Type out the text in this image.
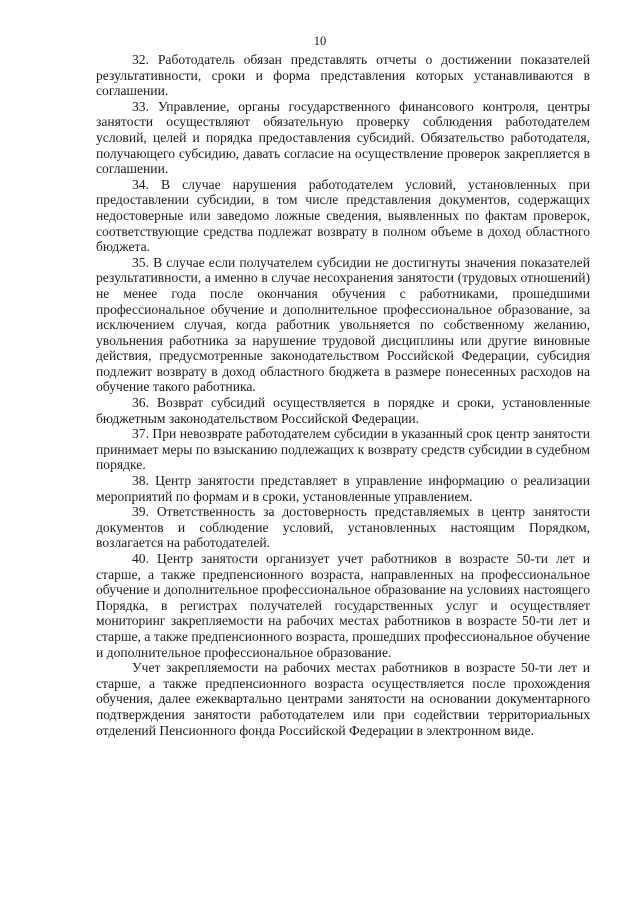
10

32. Работодатель обязан представлять отчеты о достижении показателей результативности, сроки и форма представления которых устанавливаются в соглашении.

33. Управление, органы государственного финансового контроля, центры занятости осуществляют обязательную проверку соблюдения работодателем условий, целей и порядка предоставления субсидий. Обязательство работодателя, получающего субсидию, давать согласие на осуществление проверок закрепляется в соглашении.

34. В случае нарушения работодателем условий, установленных при предоставлении субсидии, в том числе представления документов, содержащих недостоверные или заведомо ложные сведения, выявленных по фактам проверок, соответствующие средства подлежат возврату в полном объеме в доход областного бюджета.

35. В случае если получателем субсидии не достигнуты значения показателей результативности, а именно в случае несохранения занятости (трудовых отношений) не менее года после окончания обучения с работниками, прошедшими профессиональное обучение и дополнительное профессиональное образование, за исключением случая, когда работник увольняется по собственному желанию, увольнения работника за нарушение трудовой дисциплины или другие виновные действия, предусмотренные законодательством Российской Федерации, субсидия подлежит возврату в доход областного бюджета в размере понесенных расходов на обучение такого работника.

36. Возврат субсидий осуществляется в порядке и сроки, установленные бюджетным законодательством Российской Федерации.

37. При невозврате работодателем субсидии в указанный срок центр занятости принимает меры по взысканию подлежащих к возврату средств субсидии в судебном порядке.

38. Центр занятости представляет в управление информацию о реализации мероприятий по формам и в сроки, установленные управлением.

39. Ответственность за достоверность представляемых в центр занятости документов и соблюдение условий, установленных настоящим Порядком, возлагается на работодателей.

40. Центр занятости организует учет работников в возрасте 50-ти лет и старше, а также предпенсионного возраста, направленных на профессиональное обучение и дополнительное профессиональное образование на условиях настоящего Порядка, в регистрах получателей государственных услуг и осуществляет мониторинг закрепляемости на рабочих местах работников в возрасте 50-ти лет и старше, а также предпенсионного возраста, прошедших профессиональное обучение и дополнительное профессиональное образование.

Учет закрепляемости на рабочих местах работников в возрасте 50-ти лет и старше, а также предпенсионного возраста осуществляется после прохождения обучения, далее ежеквартально центрами занятости на основании документарного подтверждения занятости работодателем или при содействии территориальных отделений Пенсионного фонда Российской Федерации в электронном виде.
